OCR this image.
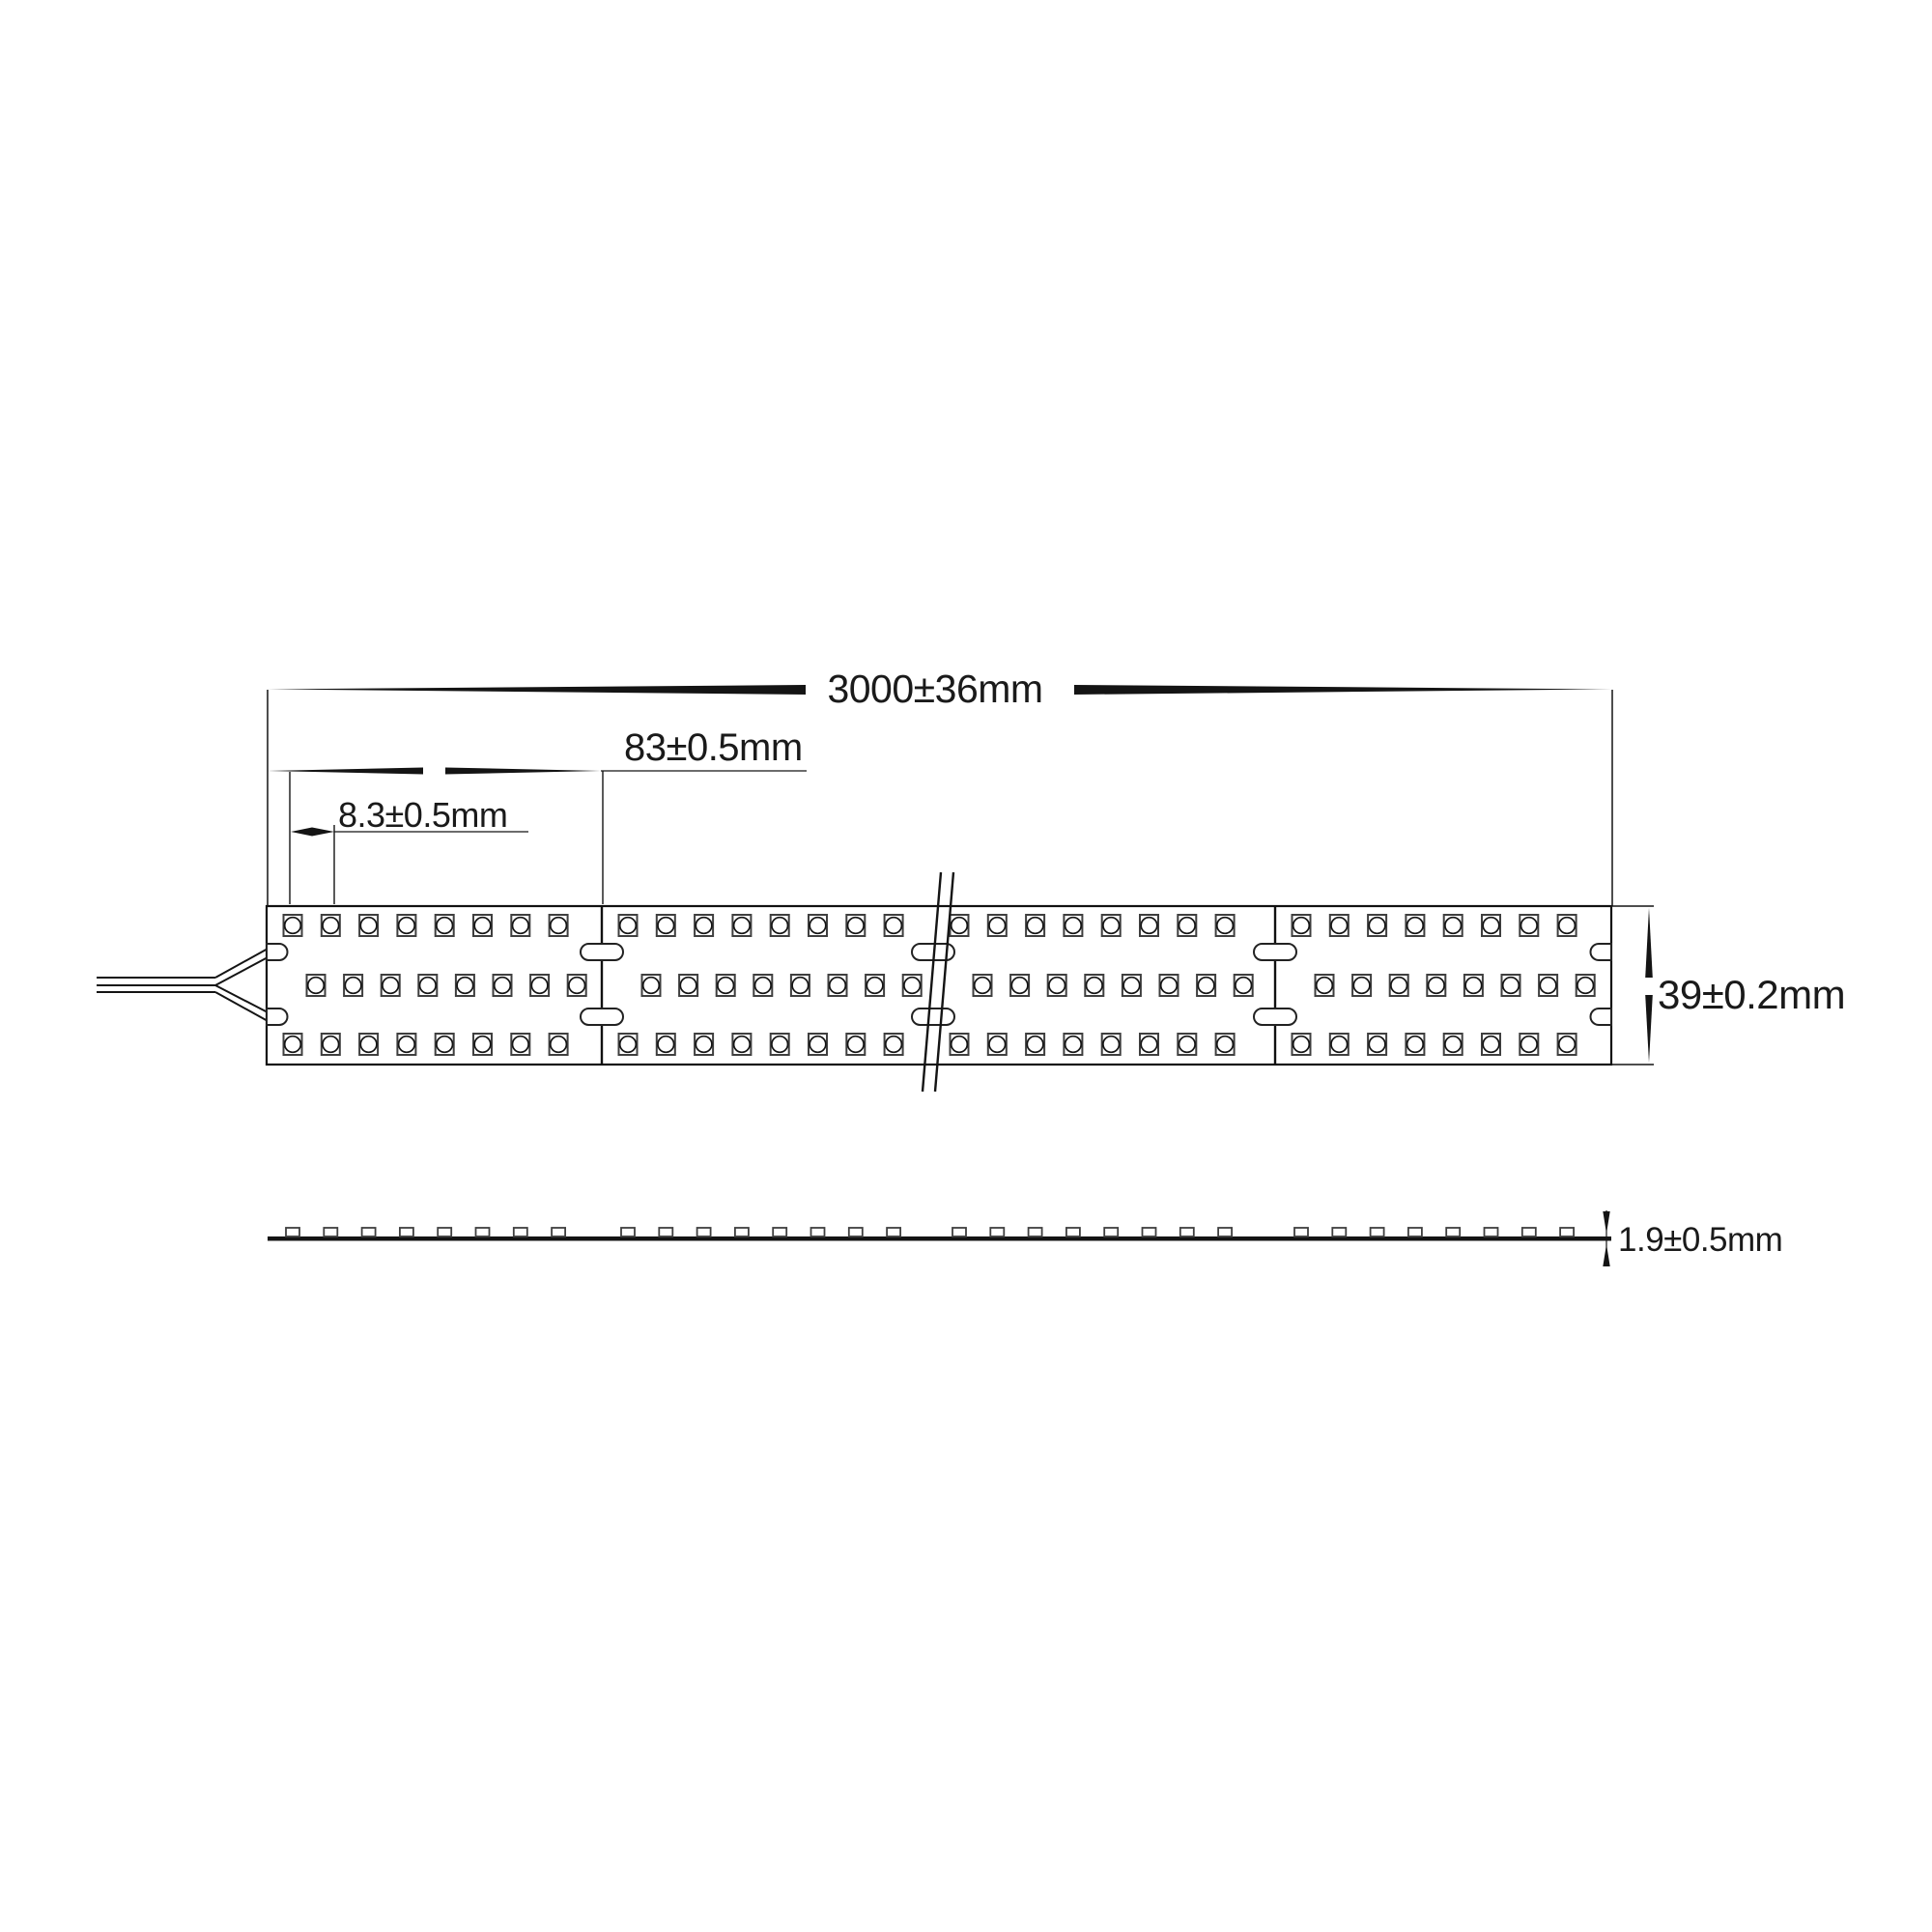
3000±36mm
83±0.5mm
8.3±0.5mm
39±0.2mm
1.9±0.5mm
